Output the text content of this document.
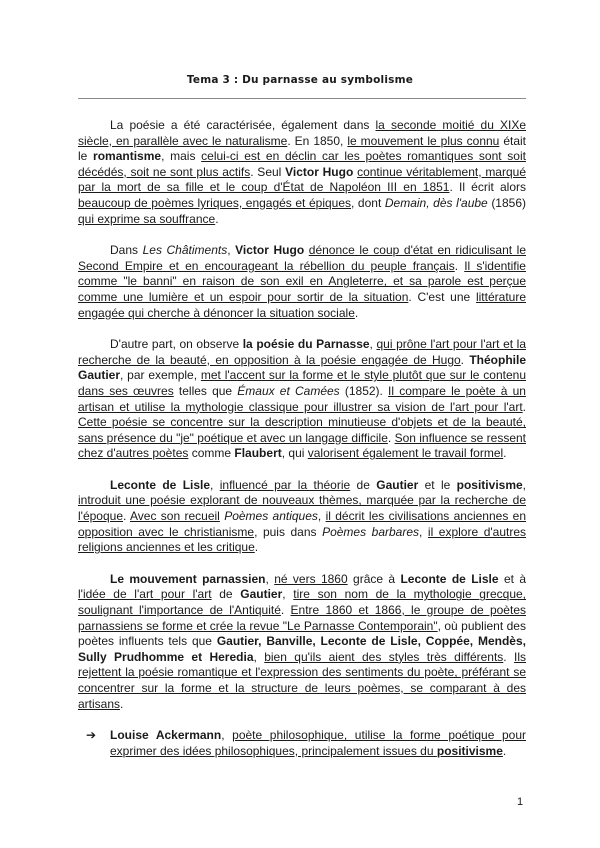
Tema 3 : Du parnasse au symbolisme

La poésie a été caractérisée, également dans la seconde moitié du XIXe siècle, en parallèle avec le naturalisme. En 1850, le mouvement le plus connu était le romantisme, mais celui-ci est en déclin car les poètes romantiques sont soit décédés, soit ne sont plus actifs. Seul Victor Hugo continue véritablement, marqué par la mort de sa fille et le coup d'État de Napoléon III en 1851. Il écrit alors beaucoup de poèmes lyriques, engagés et épiques, dont Demain, dès l'aube (1856) qui exprime sa souffrance.

Dans Les Châtiments, Victor Hugo dénonce le coup d'état en ridiculisant le Second Empire et en encourageant la rébellion du peuple français. Il s'identifie comme "le banni" en raison de son exil en Angleterre, et sa parole est perçue comme une lumière et un espoir pour sortir de la situation. C'est une littérature engagée qui cherche à dénoncer la situation sociale.

D'autre part, on observe la poésie du Parnasse, qui prône l'art pour l'art et la recherche de la beauté, en opposition à la poésie engagée de Hugo. Théophile Gautier, par exemple, met l'accent sur la forme et le style plutôt que sur le contenu dans ses œuvres telles que Émaux et Camées (1852). Il compare le poète à un artisan et utilise la mythologie classique pour illustrer sa vision de l'art pour l'art. Cette poésie se concentre sur la description minutieuse d'objets et de la beauté, sans présence du "je" poétique et avec un langage difficile. Son influence se ressent chez d'autres poètes comme Flaubert, qui valorisent également le travail formel.

Leconte de Lisle, influencé par la théorie de Gautier et le positivisme, introduit une poésie explorant de nouveaux thèmes, marquée par la recherche de l'époque. Avec son recueil Poèmes antiques, il décrit les civilisations anciennes en opposition avec le christianisme, puis dans Poèmes barbares, il explore d'autres religions anciennes et les critique.

Le mouvement parnassien, né vers 1860 grâce à Leconte de Lisle et à l'idée de l'art pour l'art de Gautier, tire son nom de la mythologie grecque, soulignant l'importance de l'Antiquité. Entre 1860 et 1866, le groupe de poètes parnassiens se forme et crée la revue "Le Parnasse Contemporain", où publient des poètes influents tels que Gautier, Banville, Leconte de Lisle, Coppée, Mendès, Sully Prudhomme et Heredia, bien qu'ils aient des styles très différents. Ils rejettent la poésie romantique et l'expression des sentiments du poète, préférant se concentrer sur la forme et la structure de leurs poèmes, se comparant à des artisans.

➔ Louise Ackermann, poète philosophique, utilise la forme poétique pour exprimer des idées philosophiques, principalement issues du positivisme.

1
